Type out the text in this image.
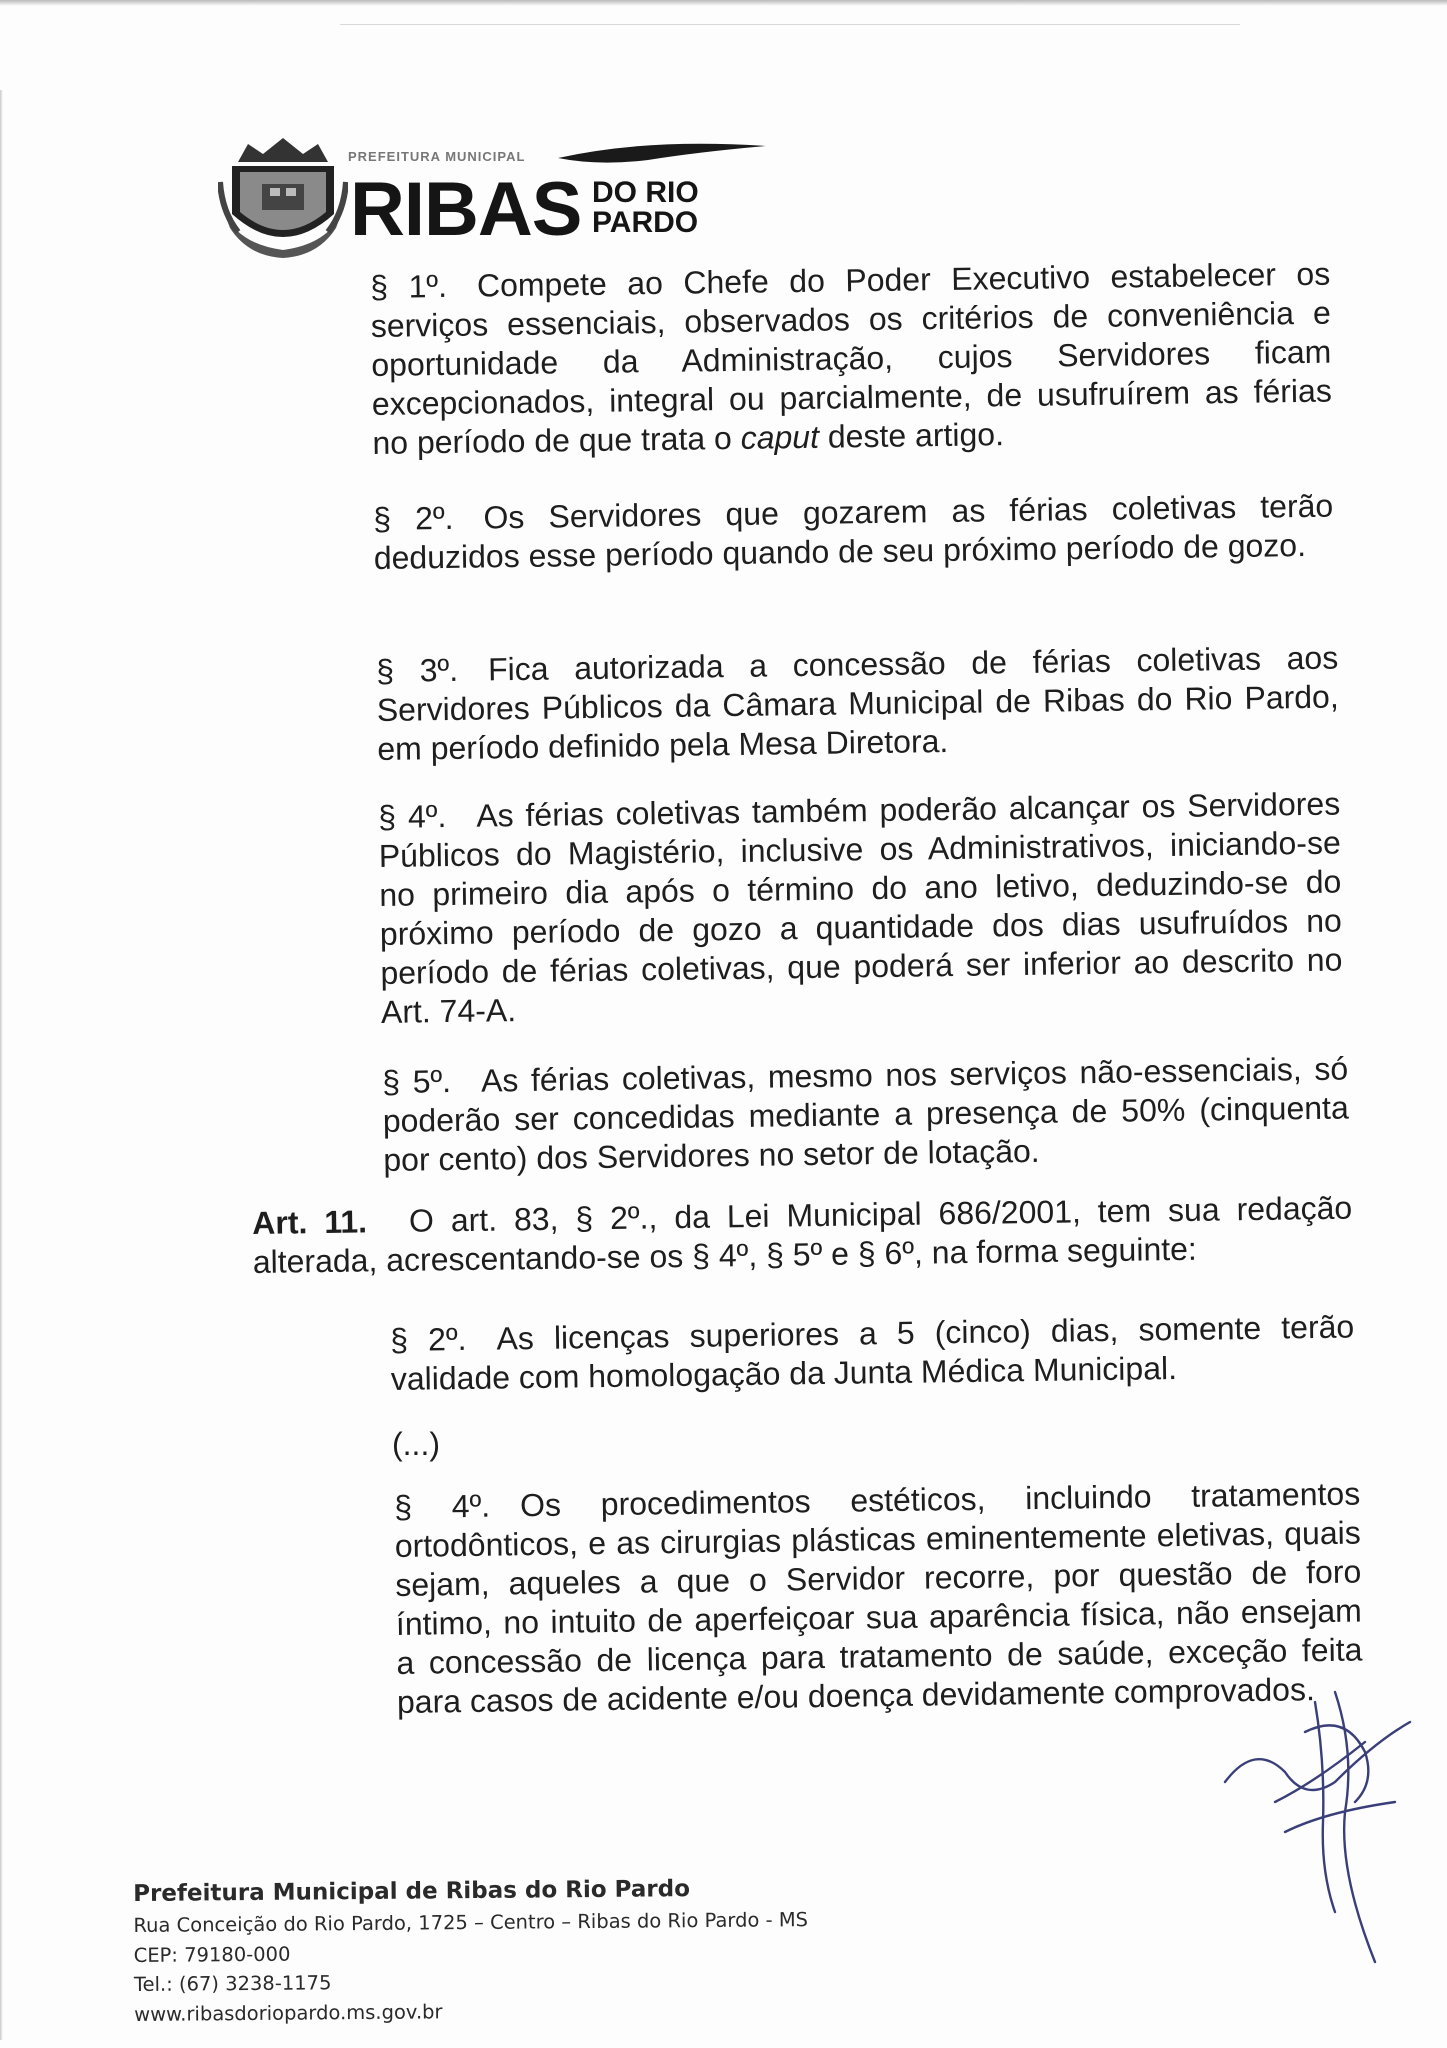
PREFEITURA MUNICIPAL
RIBAS DO RIO
PARDO

§ 1º. Compete ao Chefe do Poder Executivo estabelecer os serviços essenciais, observados os critérios de conveniência e oportunidade da Administração, cujos Servidores ficam excepcionados, integral ou parcialmente, de usufruírem as férias no período de que trata o caput deste artigo.

§ 2º. Os Servidores que gozarem as férias coletivas terão deduzidos esse período quando de seu próximo período de gozo.

§ 3º. Fica autorizada a concessão de férias coletivas aos Servidores Públicos da Câmara Municipal de Ribas do Rio Pardo, em período definido pela Mesa Diretora.

§ 4º. As férias coletivas também poderão alcançar os Servidores Públicos do Magistério, inclusive os Administrativos, iniciando-se no primeiro dia após o término do ano letivo, deduzindo-se do próximo período de gozo a quantidade dos dias usufruídos no período de férias coletivas, que poderá ser inferior ao descrito no Art. 74-A.

§ 5º. As férias coletivas, mesmo nos serviços não-essenciais, só poderão ser concedidas mediante a presença de 50% (cinquenta por cento) dos Servidores no setor de lotação.

Art. 11. O art. 83, § 2º., da Lei Municipal 686/2001, tem sua redação alterada, acrescentando-se os § 4º, § 5º e § 6º, na forma seguinte:

§ 2º. As licenças superiores a 5 (cinco) dias, somente terão validade com homologação da Junta Médica Municipal.

(...)

§ 4º. Os procedimentos estéticos, incluindo tratamentos ortodônticos, e as cirurgias plásticas eminentemente eletivas, quais sejam, aqueles a que o Servidor recorre, por questão de foro íntimo, no intuito de aperfeiçoar sua aparência física, não ensejam a concessão de licença para tratamento de saúde, exceção feita para casos de acidente e/ou doença devidamente comprovados.

Prefeitura Municipal de Ribas do Rio Pardo
Rua Conceição do Rio Pardo, 1725 – Centro – Ribas do Rio Pardo - MS
CEP: 79180-000
Tel.: (67) 3238-1175
www.ribasdoriopardo.ms.gov.br
